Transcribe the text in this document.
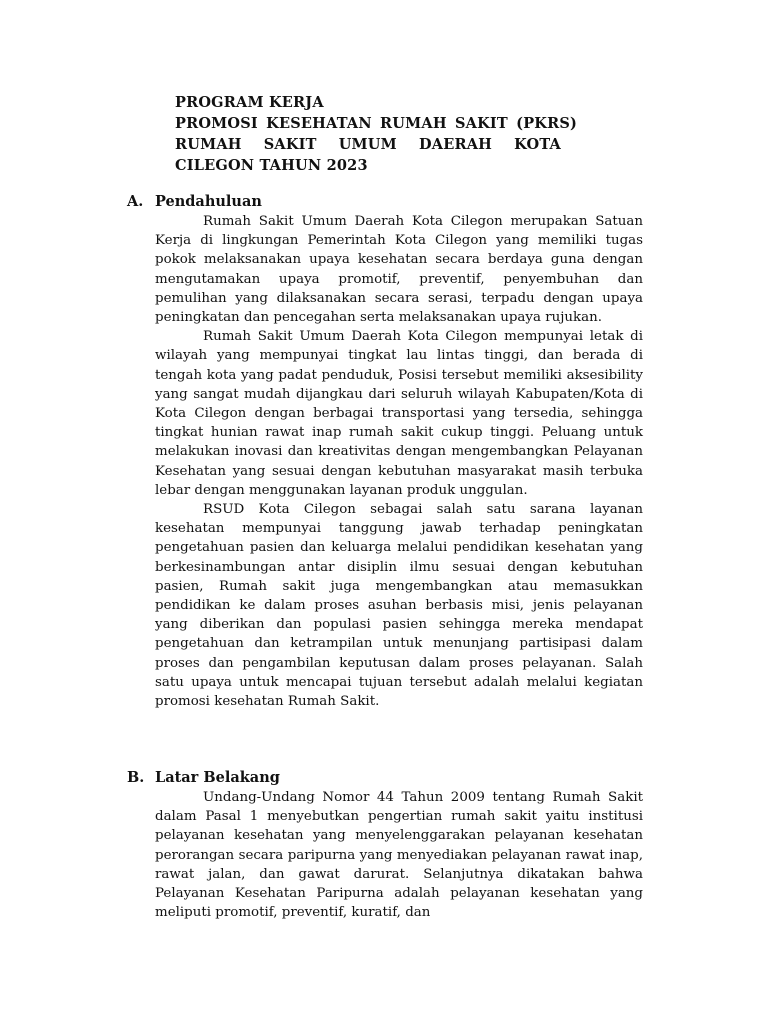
PROGRAM KERJA
PROMOSI KESEHATAN RUMAH SAKIT (PKRS)
RUMAH SAKIT UMUM DAERAH KOTA
CILEGON TAHUN 2023
A. Pendahuluan

Rumah Sakit Umum Daerah Kota Cilegon merupakan Satuan Kerja di lingkungan Pemerintah Kota Cilegon yang memiliki tugas pokok melaksanakan upaya kesehatan secara berdaya guna dengan mengutamakan upaya promotif, preventif, penyembuhan dan pemulihan yang dilaksanakan secara serasi, terpadu dengan upaya peningkatan dan pencegahan serta melaksanakan upaya rujukan.

Rumah Sakit Umum Daerah Kota Cilegon mempunyai letak di wilayah yang mempunyai tingkat lau lintas tinggi, dan berada di tengah kota yang padat penduduk, Posisi tersebut memiliki aksesibility yang sangat mudah dijangkau dari seluruh wilayah Kabupaten/Kota di Kota Cilegon dengan berbagai transportasi yang tersedia, sehingga tingkat hunian rawat inap rumah sakit cukup tinggi. Peluang untuk melakukan inovasi dan kreativitas dengan mengembangkan Pelayanan Kesehatan yang sesuai dengan kebutuhan masyarakat masih terbuka lebar dengan menggunakan layanan produk unggulan.

RSUD Kota Cilegon sebagai salah satu sarana layanan kesehatan mempunyai tanggung jawab terhadap peningkatan pengetahuan pasien dan keluarga melalui pendidikan kesehatan yang berkesinambungan antar disiplin ilmu sesuai dengan kebutuhan pasien, Rumah sakit juga mengembangkan atau memasukkan pendidikan ke dalam proses asuhan berbasis misi, jenis pelayanan yang diberikan dan populasi pasien sehingga mereka mendapat pengetahuan dan ketrampilan untuk menunjang partisipasi dalam proses dan pengambilan keputusan dalam proses pelayanan. Salah satu upaya untuk mencapai tujuan tersebut adalah melalui kegiatan promosi kesehatan Rumah Sakit.

B. Latar Belakang

Undang-Undang Nomor 44 Tahun 2009 tentang Rumah Sakit dalam Pasal 1 menyebutkan pengertian rumah sakit yaitu institusi pelayanan kesehatan yang menyelenggarakan pelayanan kesehatan perorangan secara paripurna yang menyediakan pelayanan rawat inap, rawat jalan, dan gawat darurat. Selanjutnya dikatakan bahwa Pelayanan Kesehatan Paripurna adalah pelayanan kesehatan yang meliputi promotif, preventif, kuratif, dan
